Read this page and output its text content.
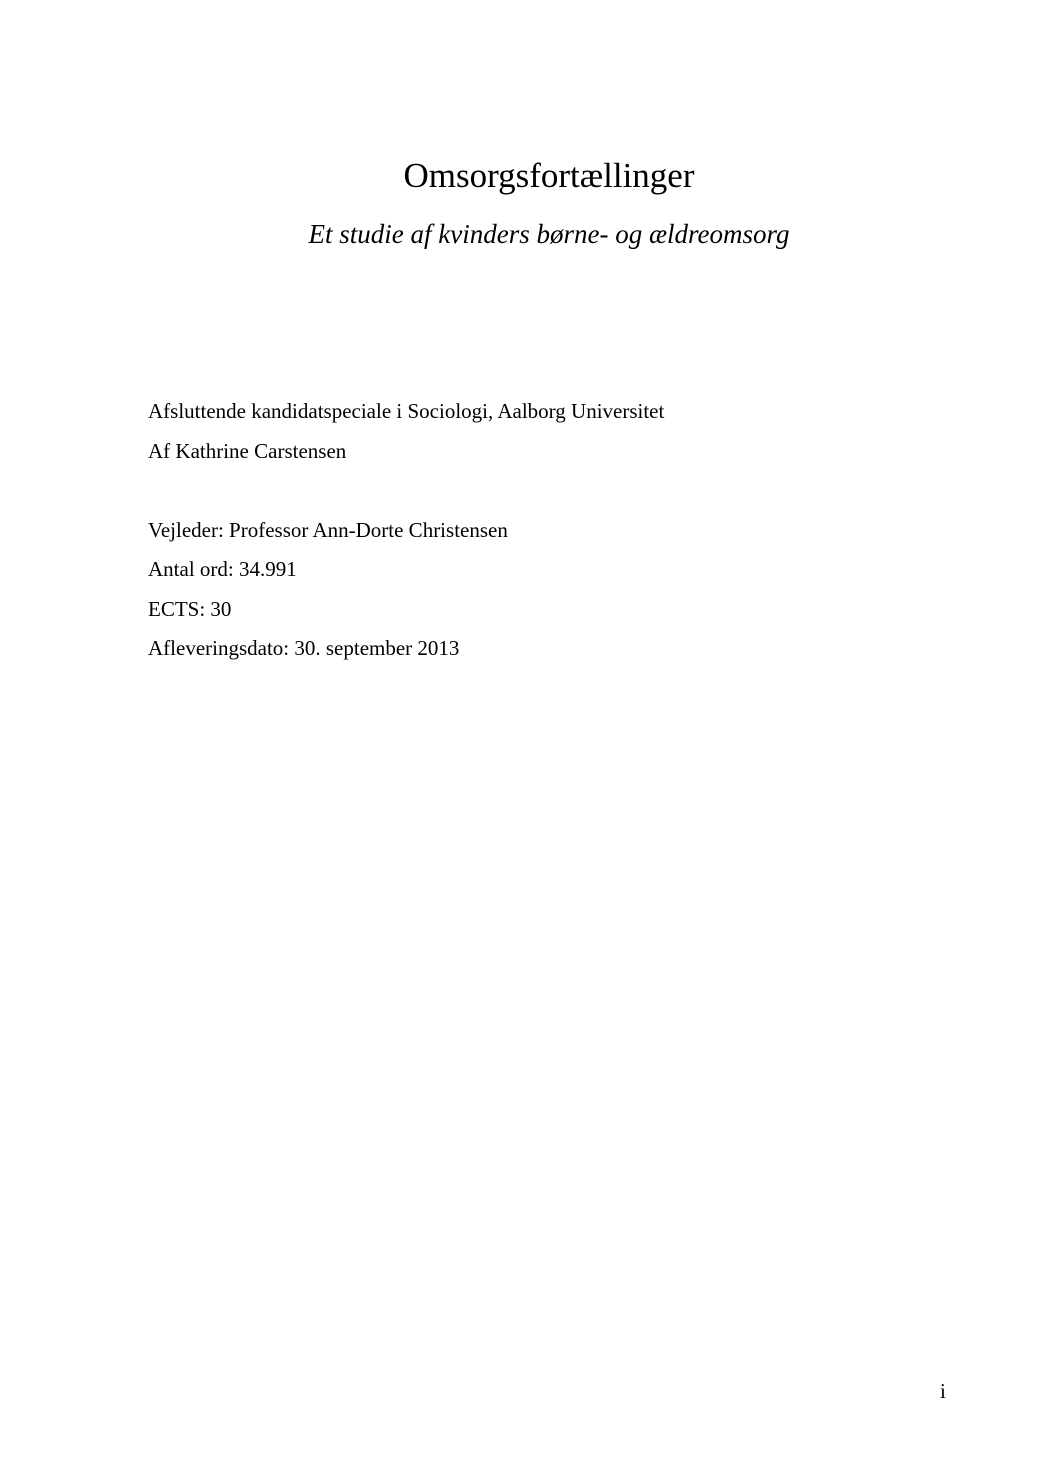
Omsorgsfortællinger

Et studie af kvinders børne- og ældreomsorg

Afsluttende kandidatspeciale i Sociologi, Aalborg Universitet

Af Kathrine Carstensen

Vejleder: Professor Ann-Dorte Christensen

Antal ord: 34.991

ECTS: 30

Afleveringsdato: 30. september 2013

i
